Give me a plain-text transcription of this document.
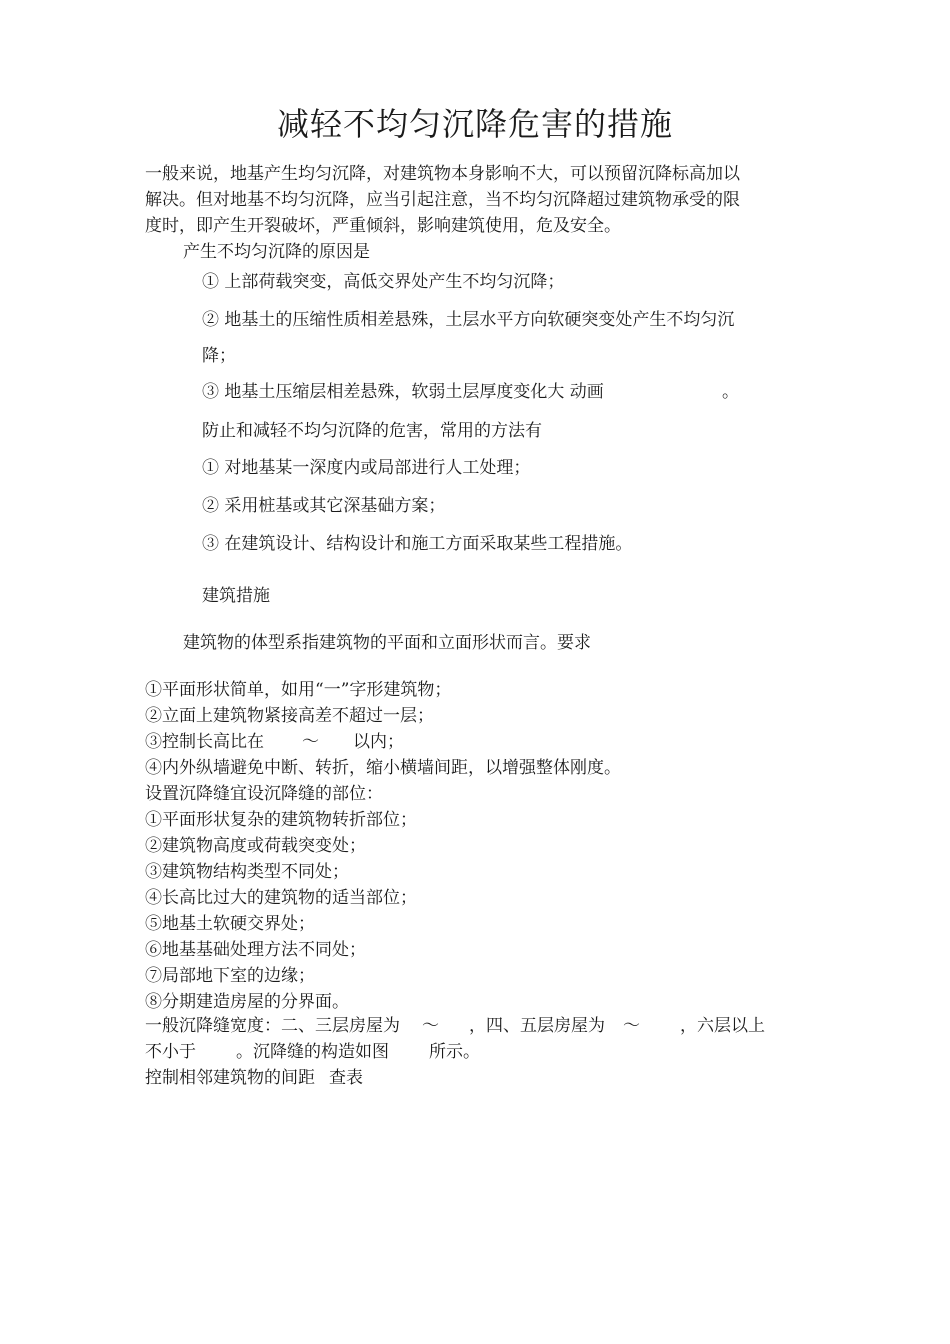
减轻不均匀沉降危害的措施
一般来说，地基产生均匀沉降，对建筑物本身影响不大，可以预留沉降标高加以
解决。但对地基不均匀沉降，应当引起注意，当不均匀沉降超过建筑物承受的限
度时，即产生开裂破坏，严重倾斜，影响建筑使用，危及安全。
产生不均匀沉降的原因是
① 上部荷载突变，高低交界处产生不均匀沉降；
② 地基土的压缩性质相差悬殊，土层水平方向软硬突变处产生不均匀沉
降；
③ 地基土压缩层相差悬殊，软弱土层厚度变化大 动画	。
防止和减轻不均匀沉降的危害，常用的方法有
① 对地基某一深度内或局部进行人工处理；
② 采用桩基或其它深基础方案；
③ 在建筑设计、结构设计和施工方面采取某些工程措施。
建筑措施
建筑物的体型系指建筑物的平面和立面形状而言。要求
①平面形状简单，如用“一”字形建筑物；
②立面上建筑物紧接高差不超过一层；
③控制长高比在 ～ 以内；
④内外纵墙避免中断、转折，缩小横墙间距，以增强整体刚度。
设置沉降缝宜设沉降缝的部位：
①平面形状复杂的建筑物转折部位；
②建筑物高度或荷载突变处；
③建筑物结构类型不同处；
④长高比过大的建筑物的适当部位；
⑤地基土软硬交界处；
⑥地基基础处理方法不同处；
⑦局部地下室的边缘；
⑧分期建造房屋的分界面。
一般沉降缝宽度：二、三层房屋为 ～ ，四、五层房屋为 ～ ，六层以上
不小于 。沉降缝的构造如图 所示。
控制相邻建筑物的间距 查表
